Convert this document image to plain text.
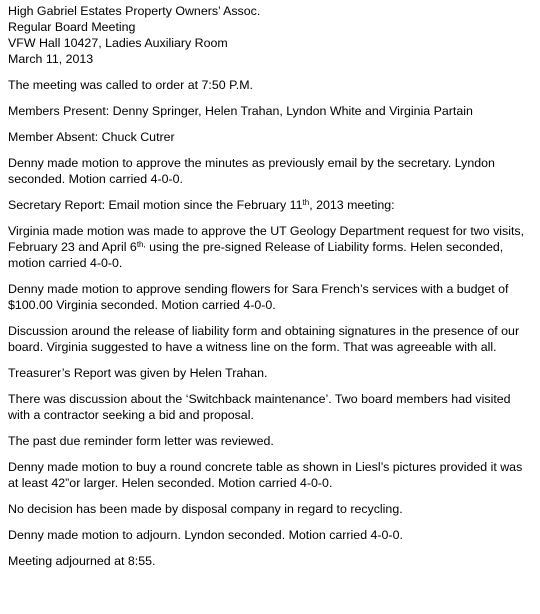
High Gabriel Estates Property Owners’ Assoc.
Regular Board Meeting
VFW Hall 10427, Ladies Auxiliary Room
March 11, 2013

The meeting was called to order at 7:50 P.M.

Members Present: Denny Springer, Helen Trahan, Lyndon White and Virginia Partain

Member Absent: Chuck Cutrer

Denny made motion to approve the minutes as previously email by the secretary. Lyndon seconded. Motion carried 4-0-0.

Secretary Report: Email motion since the February 11th, 2013 meeting:

Virginia made motion was made to approve the UT Geology Department request for two visits, February 23 and April $6^{th,}$ using the pre-signed Release of Liability forms. Helen seconded, motion carried 4-0-0.

Denny made motion to approve sending flowers for Sara French’s services with a budget of $100.00 Virginia seconded. Motion carried 4-0-0.

Discussion around the release of liability form and obtaining signatures in the presence of our board. Virginia suggested to have a witness line on the form. That was agreeable with all.

Treasurer’s Report was given by Helen Trahan.

There was discussion about the ‘Switchback maintenance’. Two board members had visited with a contractor seeking a bid and proposal.

The past due reminder form letter was reviewed.

Denny made motion to buy a round concrete table as shown in Liesl’s pictures provided it was at least 42”or larger. Helen seconded. Motion carried 4-0-0.

No decision has been made by disposal company in regard to recycling.

Denny made motion to adjourn. Lyndon seconded. Motion carried 4-0-0.

Meeting adjourned at 8:55.
